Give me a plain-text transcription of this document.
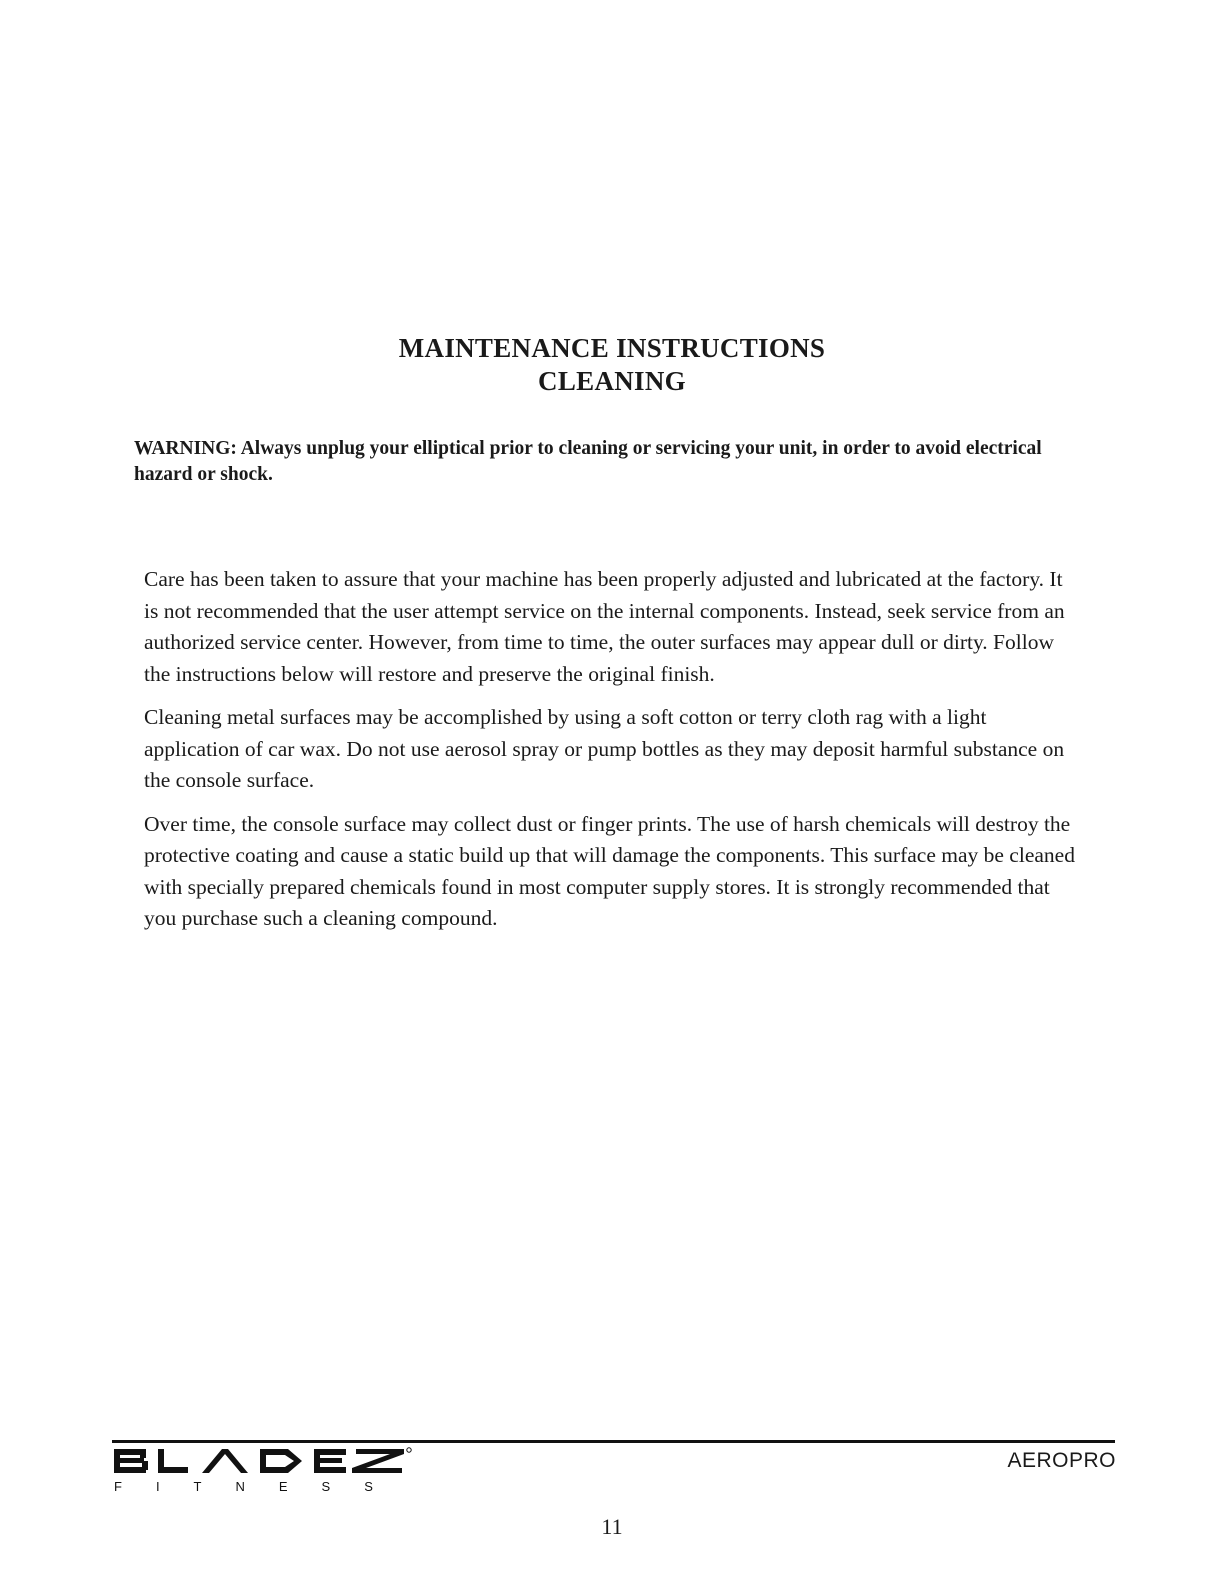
MAINTENANCE INSTRUCTIONS
CLEANING
WARNING: Always unplug your elliptical prior to cleaning or servicing your unit, in order to avoid electrical hazard or shock.

Care has been taken to assure that your machine has been properly adjusted and lubricated at the factory. It is not recommended that the user attempt service on the internal components. Instead, seek service from an authorized service center. However, from time to time, the outer surfaces may appear dull or dirty. Follow the instructions below will restore and preserve the original finish.

Cleaning metal surfaces may be accomplished by using a soft cotton or terry cloth rag with a light application of car wax. Do not use aerosol spray or pump bottles as they may deposit harmful substance on the console surface.

Over time, the console surface may collect dust or finger prints. The use of harsh chemicals will destroy the protective coating and cause a static build up that will damage the components. This surface may be cleaned with specially prepared chemicals found in most computer supply stores. It is strongly recommended that you purchase such a cleaning compound.

FITNESS
AEROPRO
11
